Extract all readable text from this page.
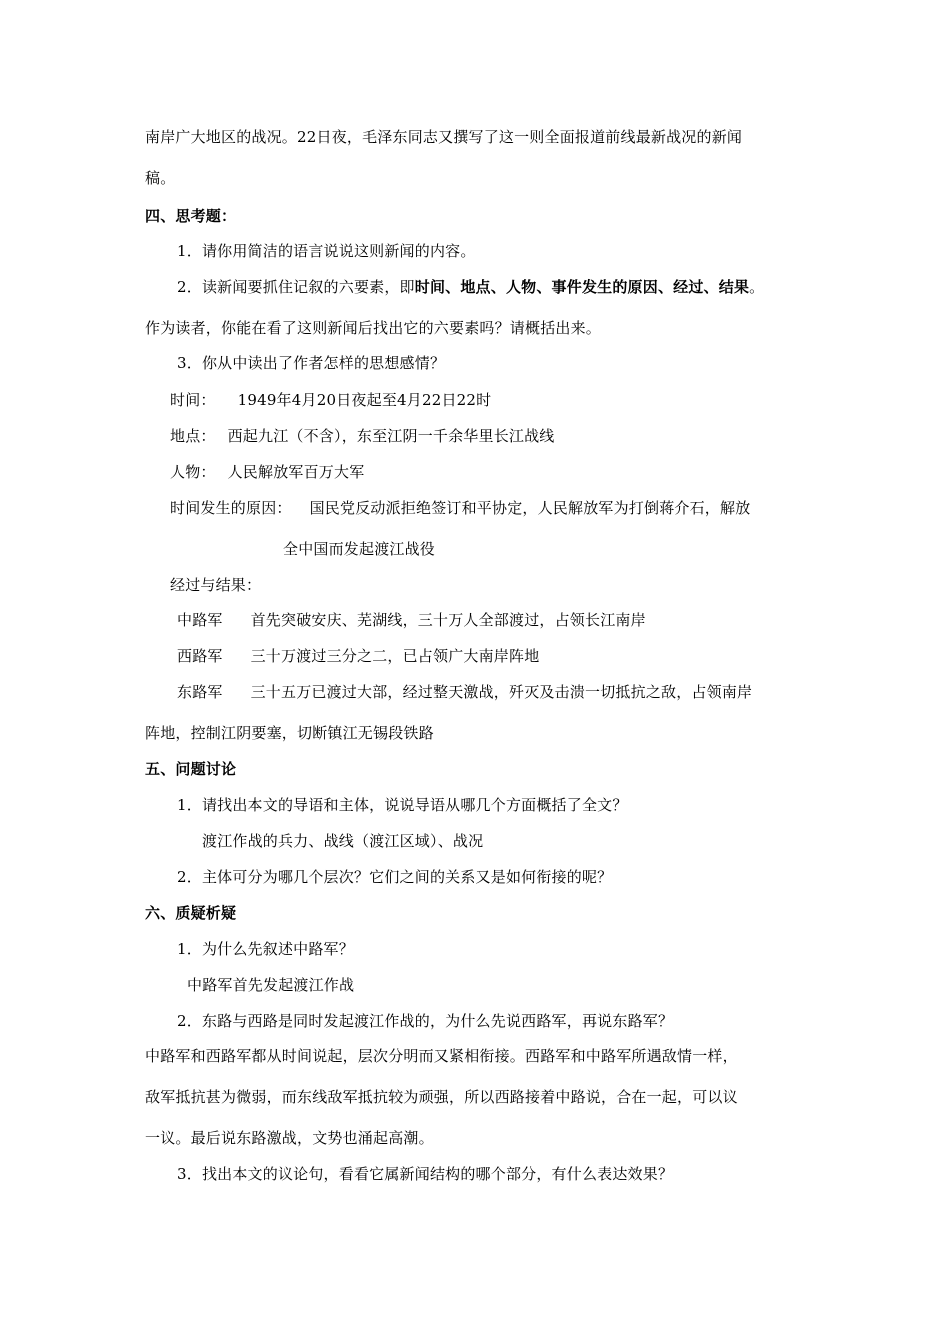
南岸广大地区的战况。22日夜，毛泽东同志又撰写了这一则全面报道前线最新战况的新闻
稿。
四、思考题：
1．请你用简洁的语言说说这则新闻的内容。
2．读新闻要抓住记叙的六要素，即时间、地点、人物、事件发生的原因、经过、结果。
作为读者，你能在看了这则新闻后找出它的六要素吗？请概括出来。
3．你从中读出了作者怎样的思想感情？
时间： 1949年4月20日夜起至4月22日22时
地点： 西起九江（不含），东至江阴一千余华里长江战线
人物： 人民解放军百万大军
时间发生的原因： 国民党反动派拒绝签订和平协定，人民解放军为打倒蒋介石，解放
全中国而发起渡江战役
经过与结果：
中路军 首先突破安庆、芜湖线，三十万人全部渡过，占领长江南岸
西路军 三十万渡过三分之二，已占领广大南岸阵地
东路军 三十五万已渡过大部，经过整天激战，歼灭及击溃一切抵抗之敌，占领南岸
阵地，控制江阴要塞，切断镇江无锡段铁路
五、问题讨论
1．请找出本文的导语和主体，说说导语从哪几个方面概括了全文？
渡江作战的兵力、战线（渡江区域）、战况
2．主体可分为哪几个层次？它们之间的关系又是如何衔接的呢？
六、质疑析疑
1．为什么先叙述中路军？
中路军首先发起渡江作战
2．东路与西路是同时发起渡江作战的，为什么先说西路军，再说东路军？
中路军和西路军都从时间说起，层次分明而又紧相衔接。西路军和中路军所遇敌情一样，
敌军抵抗甚为微弱，而东线敌军抵抗较为顽强，所以西路接着中路说，合在一起，可以议
一议。最后说东路激战，文势也涌起高潮。
3．找出本文的议论句，看看它属新闻结构的哪个部分，有什么表达效果？
